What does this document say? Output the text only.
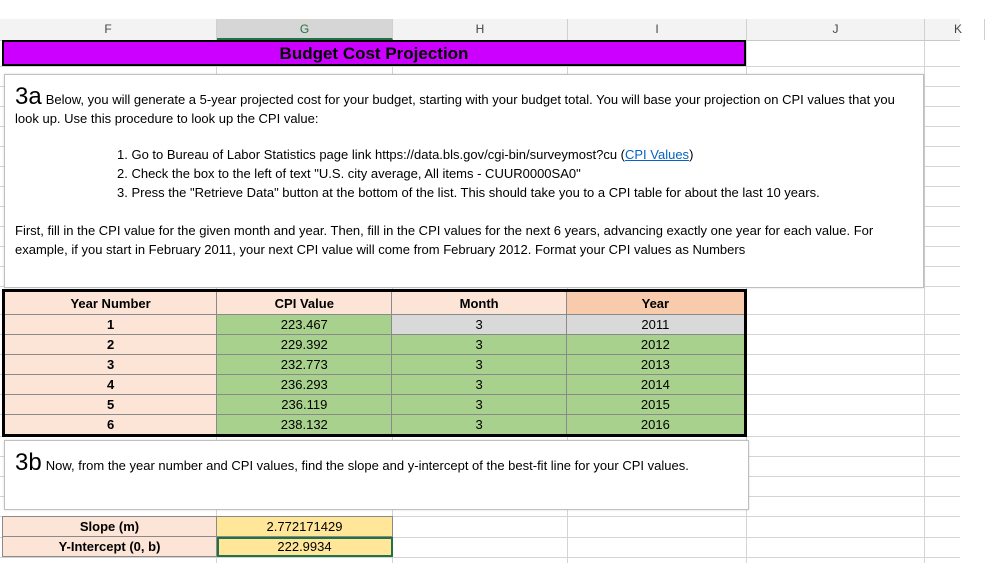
F	G	H	I	J	K
Budget Cost Projection
3a Below, you will generate a 5-year projected cost for your budget, starting with your budget total. You will base your projection on CPI values that you look up. Use this procedure to look up the CPI value:
1. Go to Bureau of Labor Statistics page link https://data.bls.gov/cgi-bin/surveymost?cu (CPI Values)
2. Check the box to the left of text "U.S. city average, All items - CUUR0000SA0"
3. Press the "Retrieve Data" button at the bottom of the list. This should take you to a CPI table for about the last 10 years.
First, fill in the CPI value for the given month and year. Then, fill in the CPI values for the next 6 years, advancing exactly one year for each value. For example, if you start in February 2011, your next CPI value will come from February 2012. Format your CPI values as Numbers
Year Number	CPI Value	Month	Year
1	223.467	3	2011
2	229.392	3	2012
3	232.773	3	2013
4	236.293	3	2014
5	236.119	3	2015
6	238.132	3	2016
3b Now, from the year number and CPI values, find the slope and y-intercept of the best-fit line for your CPI values.
Slope (m)	2.772171429
Y-Intercept (0, b)	222.9934
